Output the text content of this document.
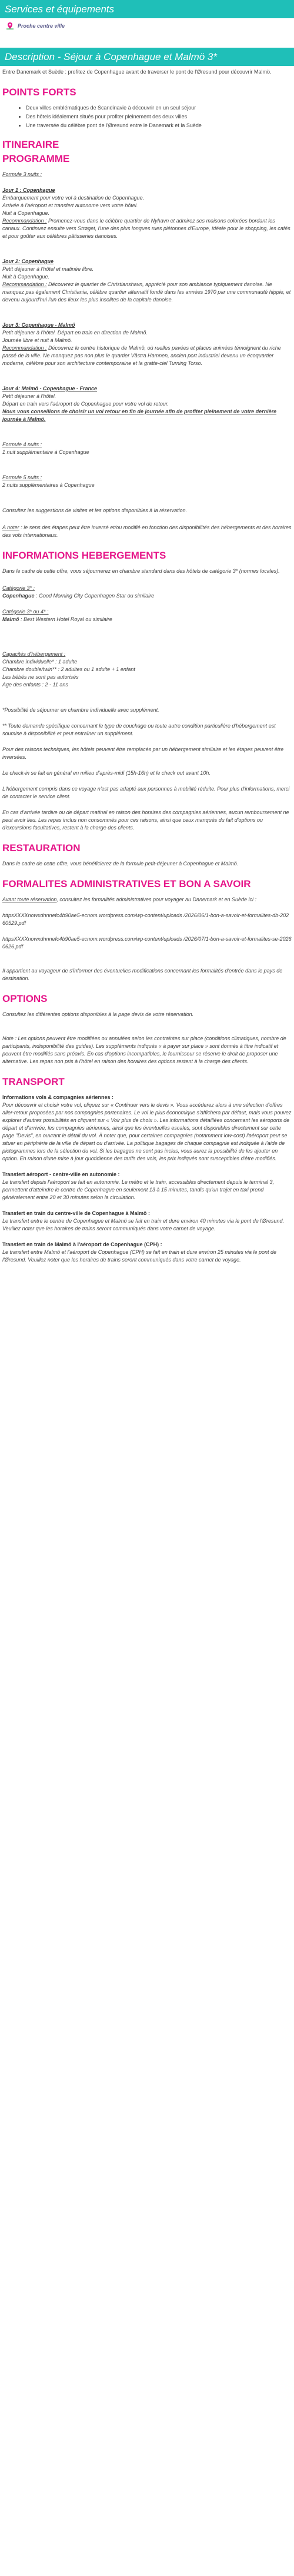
Services et équipements
Proche centre ville
Description - Séjour à Copenhague et Malmö 3*

Entre Danemark et Suède : profitez de Copenhague avant de traverser le pont de l'Øresund pour découvrir Malmö.

POINTS FORTS
• Deux villes emblématiques de Scandinavie à découvrir en un seul séjour
• Des hôtels idéalement situés pour profiter pleinement des deux villes
• Une traversée du célèbre pont de l'Øresund entre le Danemark et la Suède
ITINERAIRE
PROGRAMME

Formule 3 nuits :

Jour 1 : Copenhague
Embarquement pour votre vol à destination de Copenhague.
Arrivée à l'aéroport et transfert autonome vers votre hôtel.
Nuit à Copenhague.
Recommandation : Promenez-vous dans le célèbre quartier de Nyhavn et admirez ses maisons colorées bordant les canaux. Continuez ensuite vers Strøget, l'une des plus longues rues piétonnes d'Europe, idéale pour le shopping, les cafés et pour goûter aux célèbres pâtisseries danoises.
Jour 2: Copenhague
Petit déjeuner à l'hôtel et matinée libre.
Nuit à Copenhague.
Recommandation : Découvrez le quartier de Christianshavn, apprécié pour son ambiance typiquement danoise. Ne manquez pas également Christiania, célèbre quartier alternatif fondé dans les années 1970 par une communauté hippie, et devenu aujourd'hui l'un des lieux les plus insolites de la capitale danoise.
Jour 3: Copenhague - Malmö
Petit déjeuner à l'hôtel. Départ en train en direction de Malmö.
Journée libre et nuit à Malmö.
Recommandation : Découvrez le centre historique de Malmö, où ruelles pavées et places animées témoignent du riche passé de la ville. Ne manquez pas non plus le quartier Västra Hamnen, ancien port industriel devenu un écoquartier moderne, célèbre pour son architecture contemporaine et la gratte-ciel Turning Torso.
Jour 4: Malmö - Copenhague - France
Petit déjeuner à l'hôtel.
Départ en train vers l'aéroport de Copenhague pour votre vol de retour.
Nous vous conseillons de choisir un vol retour en fin de journée afin de profiter pleinement de votre dernière journée à Malmö.
Formule 4 nuits :
1 nuit supplémentaire à Copenhague
Formule 5 nuits :
2 nuits supplémentaires à Copenhague

Consultez les suggestions de visites et les options disponibles à la réservation.

A noter : le sens des étapes peut être inversé et/ou modifié en fonction des disponibilités des hébergements et des horaires des vols internationaux.

INFORMATIONS HEBERGEMENTS

Dans le cadre de cette offre, vous séjournerez en chambre standard dans des hôtels de catégorie 3* (normes locales).

Catégorie 3* :
Copenhague : Good Morning City Copenhagen Star ou similaire
Catégorie 3* ou 4* :
Malmö : Best Western Hotel Royal ou similaire
Capacités d'hébergement :
Chambre individuelle* : 1 adulte
Chambre double/twin** : 2 adultes ou 1 adulte + 1 enfant
Les bébés ne sont pas autorisés
Age des enfants : 2 - 11 ans

*Possibilité de séjourner en chambre individuelle avec supplément.

** Toute demande spécifique concernant le type de couchage ou toute autre condition particulière d'hébergement est soumise à disponibilité et peut entraîner un supplément.

Pour des raisons techniques, les hôtels peuvent être remplacés par un hébergement similaire et les étapes peuvent être inversées.

Le check-in se fait en général en milieu d'après-midi (15h-16h) et le check out avant 10h.

L'hébergement compris dans ce voyage n'est pas adapté aux personnes à mobilité réduite. Pour plus d'informations, merci de contacter le service client.

En cas d'arrivée tardive ou de départ matinal en raison des horaires des compagnies aériennes, aucun remboursement ne peut avoir lieu. Les repas inclus non consommés pour ces raisons, ainsi que ceux manqués du fait d'options ou d'excursions facultatives, restent à la charge des clients.

RESTAURATION

Dans le cadre de cette offre, vous bénéficierez de la formule petit-déjeuner à Copenhague et Malmö.

FORMALITES ADMINISTRATIVES ET BON A SAVOIR

Avant toute réservation, consultez les formalités administratives pour voyager au Danemark et en Suède ici :

httpsXXXXnowxdnnnefc4b90ae5-ecnom.wordpress.com/wp-content/uploads /2026/06/1-bon-a-savoir-et-formalites-db-20260529.pdf

httpsXXXXnowxdnnnefc4b90ae5-ecnom.wordpress.com/wp-content/uploads /2026/07/1-bon-a-savoir-et-formalites-se-20260626.pdf

Il appartient au voyageur de s'informer des éventuelles modifications concernant les formalités d'entrée dans le pays de destination.

OPTIONS

Consultez les différentes options disponibles à la page devis de votre réservation.

Note : Les options peuvent être modifiées ou annulées selon les contraintes sur place (conditions climatiques, nombre de participants, indisponibilité des guides). Les suppléments indiqués « à payer sur place » sont donnés à titre indicatif et peuvent être modifiés sans préavis. En cas d'options incompatibles, le fournisseur se réserve le droit de proposer une alternative. Les repas non pris à l'hôtel en raison des horaires des options restent à la charge des clients.

TRANSPORT
Informations vols & compagnies aériennes :
Pour découvrir et choisir votre vol, cliquez sur « Continuer vers le devis ». Vous accéderez alors à une sélection d'offres aller-retour proposées par nos compagnies partenaires. Le vol le plus économique s'affichera par défaut, mais vous pouvez explorer d'autres possibilités en cliquant sur « Voir plus de choix ». Les informations détaillées concernant les aéroports de départ et d'arrivée, les compagnies aériennes, ainsi que les éventuelles escales, sont disponibles directement sur cette page "Devis", en ouvrant le détail du vol. À noter que, pour certaines compagnies (notamment low-cost) l'aéroport peut se situer en périphérie de la ville de départ ou d'arrivée. La politique bagages de chaque compagnie est indiquée à l'aide de pictogrammes lors de la sélection du vol. Si les bagages ne sont pas inclus, vous aurez la possibilité de les ajouter en option. En raison d'une mise à jour quotidienne des tarifs des vols, les prix indiqués sont susceptibles d'être modifiés.
Transfert aéroport - centre-ville en autonomie :
Le transfert depuis l'aéroport se fait en autonomie. Le métro et le train, accessibles directement depuis le terminal 3, permettent d'atteindre le centre de Copenhague en seulement 13 à 15 minutes, tandis qu'un trajet en taxi prend généralement entre 20 et 30 minutes selon la circulation.
Transfert en train du centre-ville de Copenhague à Malmö :
Le transfert entre le centre de Copenhague et Malmö se fait en train et dure environ 40 minutes via le pont de l'Øresund. Veuillez noter que les horaires de trains seront communiqués dans votre carnet de voyage.
Transfert en train de Malmö à l'aéroport de Copenhague (CPH) :
Le transfert entre Malmö et l'aéroport de Copenhague (CPH) se fait en train et dure environ 25 minutes via le pont de l'Øresund. Veuillez noter que les horaires de trains seront communiqués dans votre carnet de voyage.
